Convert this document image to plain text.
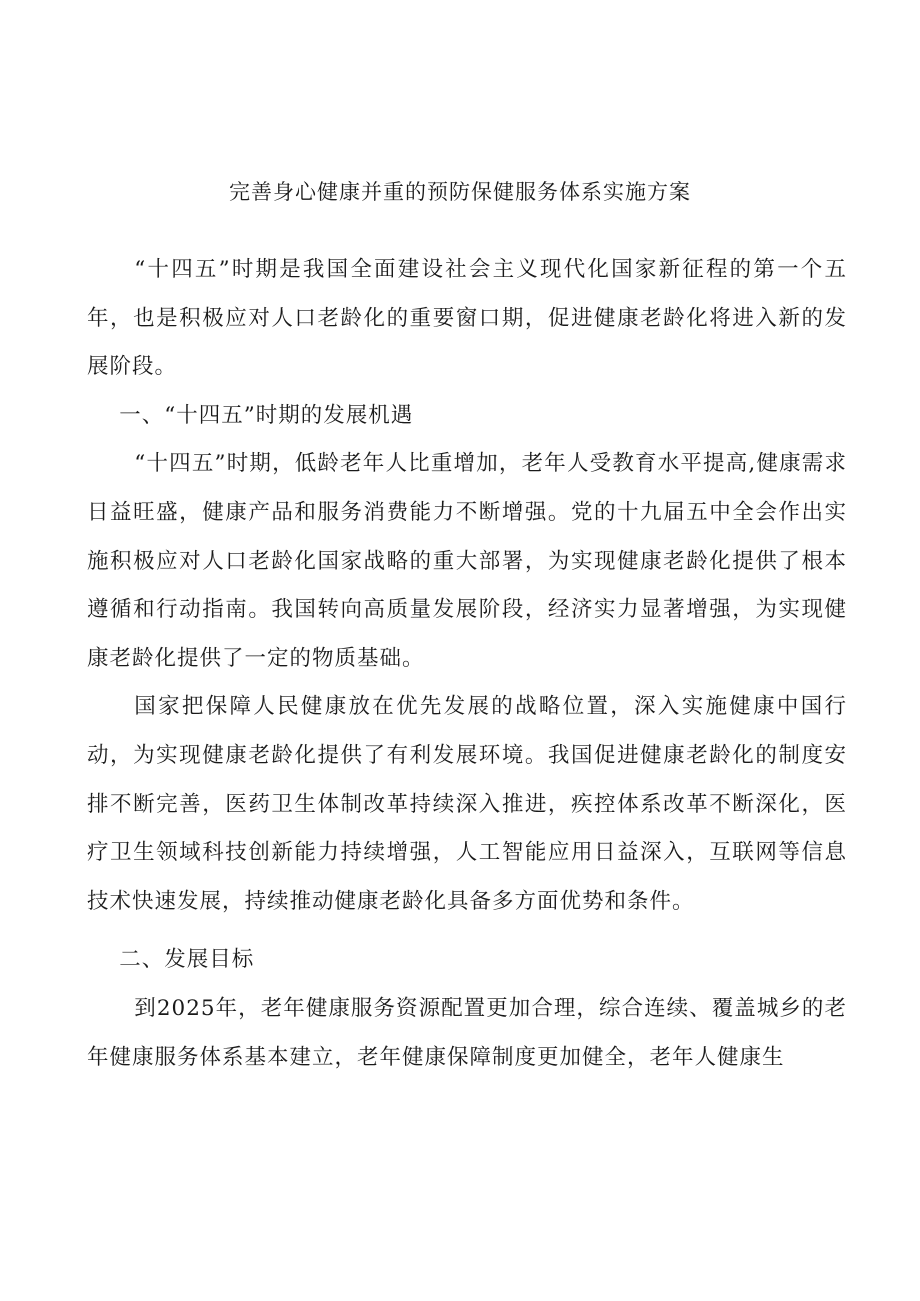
完善身心健康并重的预防保健服务体系实施方案

“十四五”时期是我国全面建设社会主义现代化国家新征程的第一个五年，也是积极应对人口老龄化的重要窗口期，促进健康老龄化将进入新的发展阶段。

一、“十四五”时期的发展机遇

“十四五”时期，低龄老年人比重增加，老年人受教育水平提高,健康需求日益旺盛，健康产品和服务消费能力不断增强。党的十九届五中全会作出实施积极应对人口老龄化国家战略的重大部署，为实现健康老龄化提供了根本遵循和行动指南。我国转向高质量发展阶段，经济实力显著增强，为实现健康老龄化提供了一定的物质基础。

国家把保障人民健康放在优先发展的战略位置，深入实施健康中国行动，为实现健康老龄化提供了有利发展环境。我国促进健康老龄化的制度安排不断完善，医药卫生体制改革持续深入推进，疾控体系改革不断深化，医疗卫生领域科技创新能力持续增强，人工智能应用日益深入，互联网等信息技术快速发展，持续推动健康老龄化具备多方面优势和条件。

二、发展目标

到2025年，老年健康服务资源配置更加合理，综合连续、覆盖城乡的老年健康服务体系基本建立，老年健康保障制度更加健全，老年人健康生
